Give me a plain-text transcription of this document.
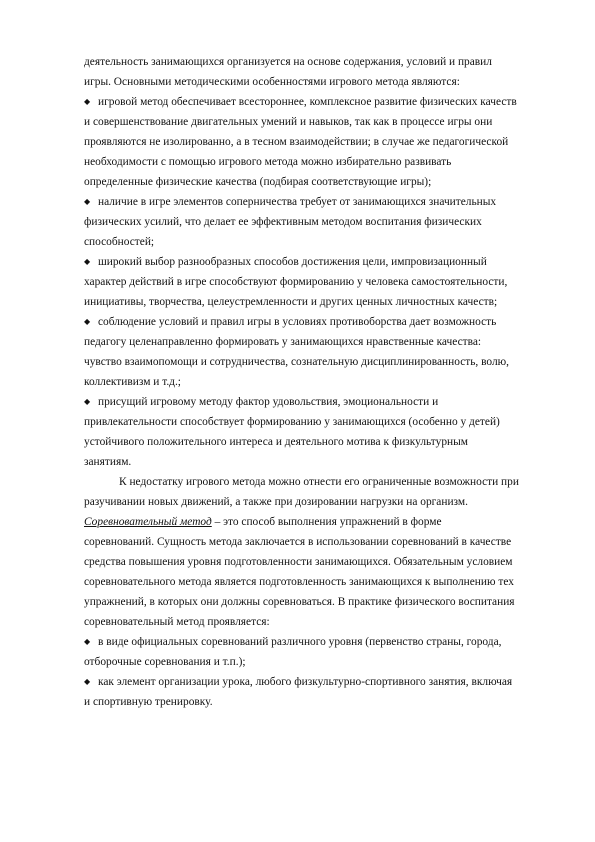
деятельность занимающихся организуется на основе содержания, условий и правил
игры. Основными методическими особенностями игрового метода являются:
◆ игровой метод обеспечивает всестороннее, комплексное развитие физических качеств
и совершенствование двигательных умений и навыков, так как в процессе игры они
проявляются не изолированно, а в тесном взаимодействии; в случае же педагогической
необходимости с помощью игрового метода можно избирательно развивать
определенные физические качества (подбирая соответствующие игры);
◆ наличие в игре элементов соперничества требует от занимающихся значительных
физических усилий, что делает ее эффективным методом воспитания физических
способностей;
◆ широкий выбор разнообразных способов достижения цели, импровизационный
характер действий в игре способствуют формированию у человека самостоятельности,
инициативы, творчества, целеустремленности и других ценных личностных качеств;
◆ соблюдение условий и правил игры в условиях противоборства дает возможность
педагогу целенаправленно формировать у занимающихся нравственные качества:
чувство взаимопомощи и сотрудничества, сознательную дисциплинированность, волю,
коллективизм и т.д.;
◆ присущий игровому методу фактор удовольствия, эмоциональности и
привлекательности способствует формированию у занимающихся (особенно у детей)
устойчивого положительного интереса и деятельного мотива к физкультурным
занятиям.
К недостатку игрового метода можно отнести его ограниченные возможности при
разучивании новых движений, а также при дозировании нагрузки на организм.
Соревновательный метод – это способ выполнения упражнений в форме
соревнований. Сущность метода заключается в использовании соревнований в качестве
средства повышения уровня подготовленности занимающихся. Обязательным условием
соревновательного метода является подготовленность занимающихся к выполнению тех
упражнений, в которых они должны соревноваться. В практике физического воспитания
соревновательный метод проявляется:
◆ в виде официальных соревнований различного уровня (первенство страны, города,
отборочные соревнования и т.п.);
◆ как элемент организации урока, любого физкультурно-спортивного занятия, включая
и спортивную тренировку.
